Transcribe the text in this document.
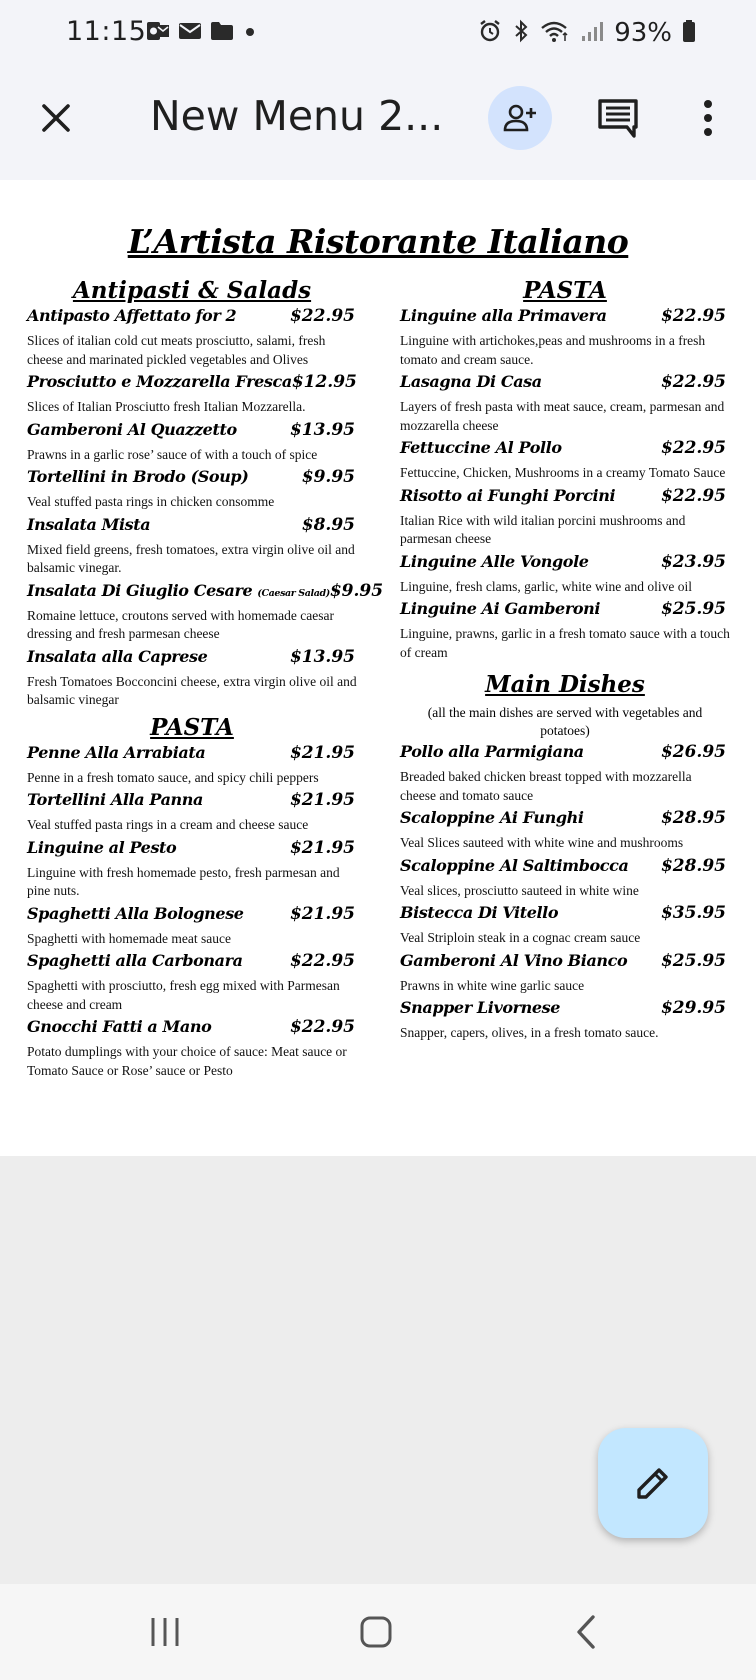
11:15	93%
New Menu 2...
L’Artista Ristorante Italiano
Antipasti & Salads
Antipasto Affettato for 2	$22.95
Slices of italian cold cut meats prosciutto, salami, fresh cheese and marinated pickled vegetables and Olives
Prosciutto e Mozzarella Fresca $12.95
Slices of Italian Prosciutto fresh Italian Mozzarella.
Gamberoni Al Quazzetto	$13.95
Prawns in a garlic rose’ sauce of with a touch of spice
Tortellini in Brodo (Soup)	$9.95
Veal stuffed pasta rings in chicken consomme
Insalata Mista	$8.95
Mixed field greens, fresh tomatoes, extra virgin olive oil and balsamic vinegar.
Insalata Di Giuglio Cesare (Caesar Salad) $9.95
Romaine lettuce, croutons served with homemade caesar dressing and fresh parmesan cheese
Insalata alla Caprese	$13.95
Fresh Tomatoes Bocconcini cheese, extra virgin olive oil and balsamic vinegar
PASTA
Penne Alla Arrabiata	$21.95
Penne in a fresh tomato sauce, and spicy chili peppers
Tortellini Alla Panna	$21.95
Veal stuffed pasta rings in a cream and cheese sauce
Linguine al Pesto	$21.95
Linguine with fresh homemade pesto, fresh parmesan and pine nuts.
Spaghetti Alla Bolognese	$21.95
Spaghetti with homemade meat sauce
Spaghetti alla Carbonara	$22.95
Spaghetti with prosciutto, fresh egg mixed with Parmesan cheese and cream
Gnocchi Fatti a Mano	$22.95
Potato dumplings with your choice of sauce: Meat sauce or Tomato Sauce or Rose’ sauce or Pesto
PASTA
Linguine alla Primavera	$22.95
Linguine with artichokes,peas and mushrooms in a fresh tomato and cream sauce.
Lasagna Di Casa	$22.95
Layers of fresh pasta with meat sauce, cream, parmesan and mozzarella cheese
Fettuccine Al Pollo	$22.95
Fettuccine, Chicken, Mushrooms in a creamy Tomato Sauce
Risotto ai Funghi Porcini	$22.95
Italian Rice with wild italian porcini mushrooms and parmesan cheese
Linguine Alle Vongole	$23.95
Linguine, fresh clams, garlic, white wine and olive oil
Linguine Ai Gamberoni	$25.95
Linguine, prawns, garlic in a fresh tomato sauce with a touch of cream
Main Dishes
(all the main dishes are served with vegetables and potatoes)
Pollo alla Parmigiana	$26.95
Breaded baked chicken breast topped with mozzarella cheese and tomato sauce
Scaloppine Ai Funghi	$28.95
Veal Slices sauteed with white wine and mushrooms
Scaloppine Al Saltimbocca $28.95
Veal slices, prosciutto sauteed in white wine
Bistecca Di Vitello	$35.95
Veal Striploin steak in a cognac cream sauce
Gamberoni Al Vino Bianco $25.95
Prawns in white wine garlic sauce
Snapper Livornese	$29.95
Snapper, capers, olives, in a fresh tomato sauce.
